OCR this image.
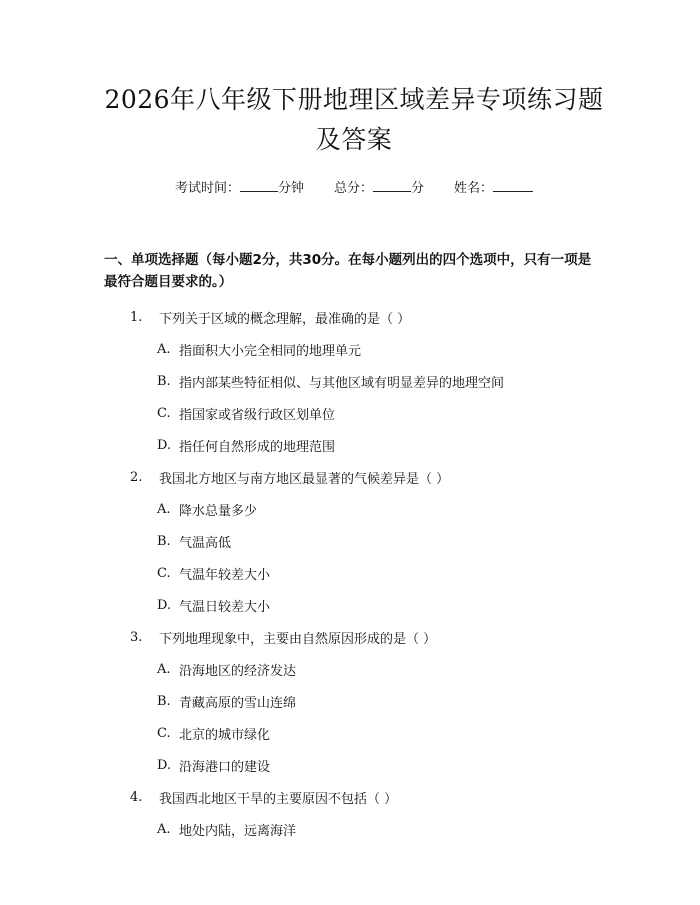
2026年八年级下册地理区域差异专项练习题
及答案
考试时间：	分钟 总分：	分 姓名：
一、单项选择题（每小题2分，共30分。在每小题列出的四个选项中，只有一项是最符合题目要求的。）
1.	下列关于区域的概念理解，最准确的是（ ）
A. 指面积大小完全相同的地理单元
B. 指内部某些特征相似、与其他区域有明显差异的地理空间
C. 指国家或省级行政区划单位
D. 指任何自然形成的地理范围
2.	我国北方地区与南方地区最显著的气候差异是（ ）
A. 降水总量多少
B. 气温高低
C. 气温年较差大小
D. 气温日较差大小
3.	下列地理现象中，主要由自然原因形成的是（ ）
A. 沿海地区的经济发达
B. 青藏高原的雪山连绵
C. 北京的城市绿化
D. 沿海港口的建设
4.	我国西北地区干旱的主要原因不包括（ ）
A. 地处内陆，远离海洋
